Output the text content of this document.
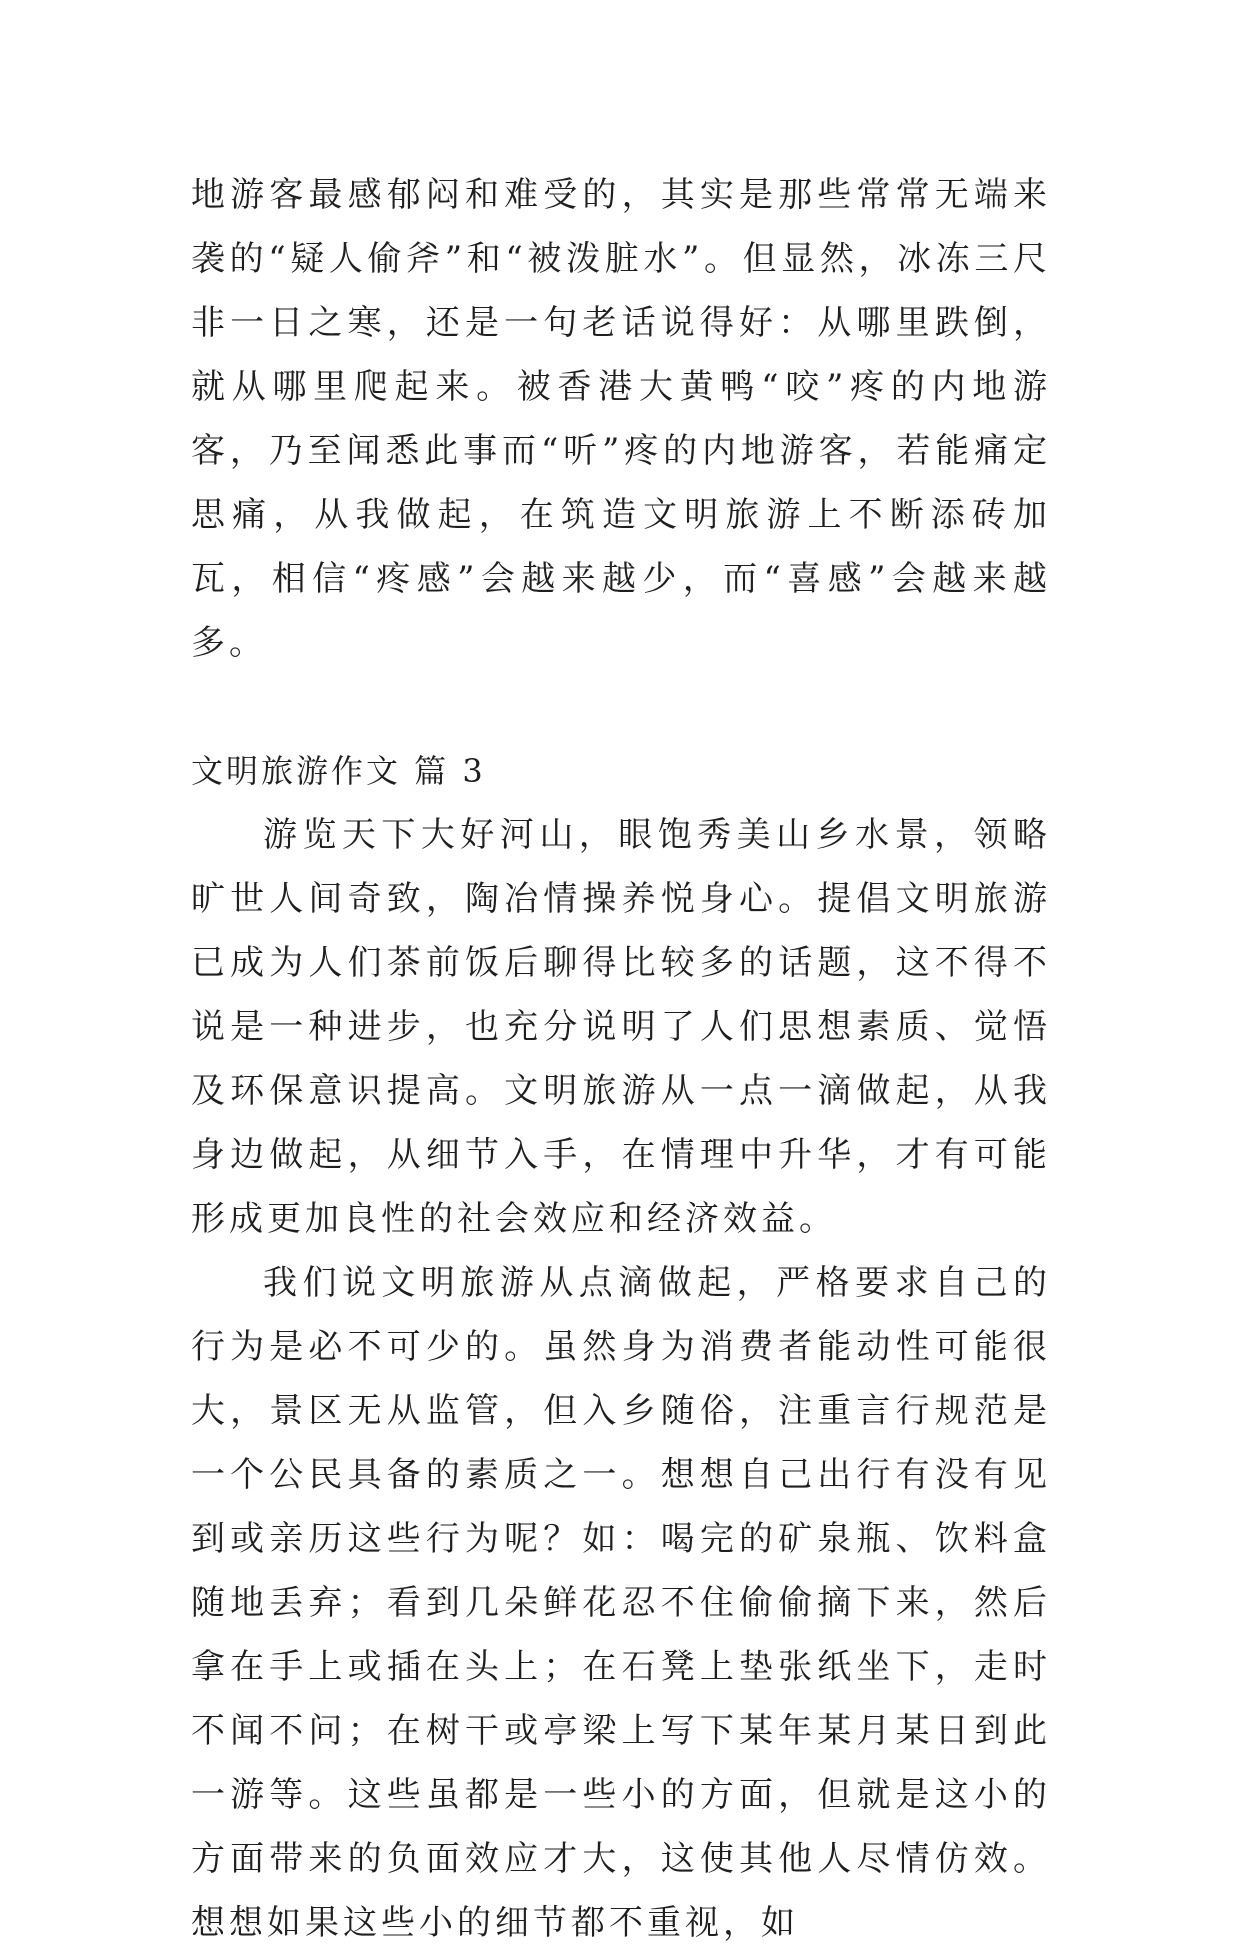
地游客最感郁闷和难受的，其实是那些常常无端来袭的“疑人偷斧”和“被泼脏水”。但显然，冰冻三尺非一日之寒，还是一句老话说得好：从哪里跌倒，就从哪里爬起来。被香港大黄鸭“咬”疼的内地游客，乃至闻悉此事而“听”疼的内地游客，若能痛定思痛，从我做起，在筑造文明旅游上不断添砖加瓦，相信“疼感”会越来越少，而“喜感”会越来越多。

文明旅游作文 篇 3

游览天下大好河山，眼饱秀美山乡水景，领略旷世人间奇致，陶冶情操养悦身心。提倡文明旅游已成为人们茶前饭后聊得比较多的话题，这不得不说是一种进步，也充分说明了人们思想素质、觉悟及环保意识提高。文明旅游从一点一滴做起，从我身边做起，从细节入手，在情理中升华，才有可能形成更加良性的社会效应和经济效益。

我们说文明旅游从点滴做起，严格要求自己的行为是必不可少的。虽然身为消费者能动性可能很大，景区无从监管，但入乡随俗，注重言行规范是一个公民具备的素质之一。想想自己出行有没有见到或亲历这些行为呢？如：喝完的矿泉瓶、饮料盒随地丢弃；看到几朵鲜花忍不住偷偷摘下来，然后拿在手上或插在头上；在石凳上垫张纸坐下，走时不闻不问；在树干或亭梁上写下某年某月某日到此一游等。这些虽都是一些小的方面，但就是这小的方面带来的负面效应才大，这使其他人尽情仿效。想想如果这些小的细节都不重视，如
